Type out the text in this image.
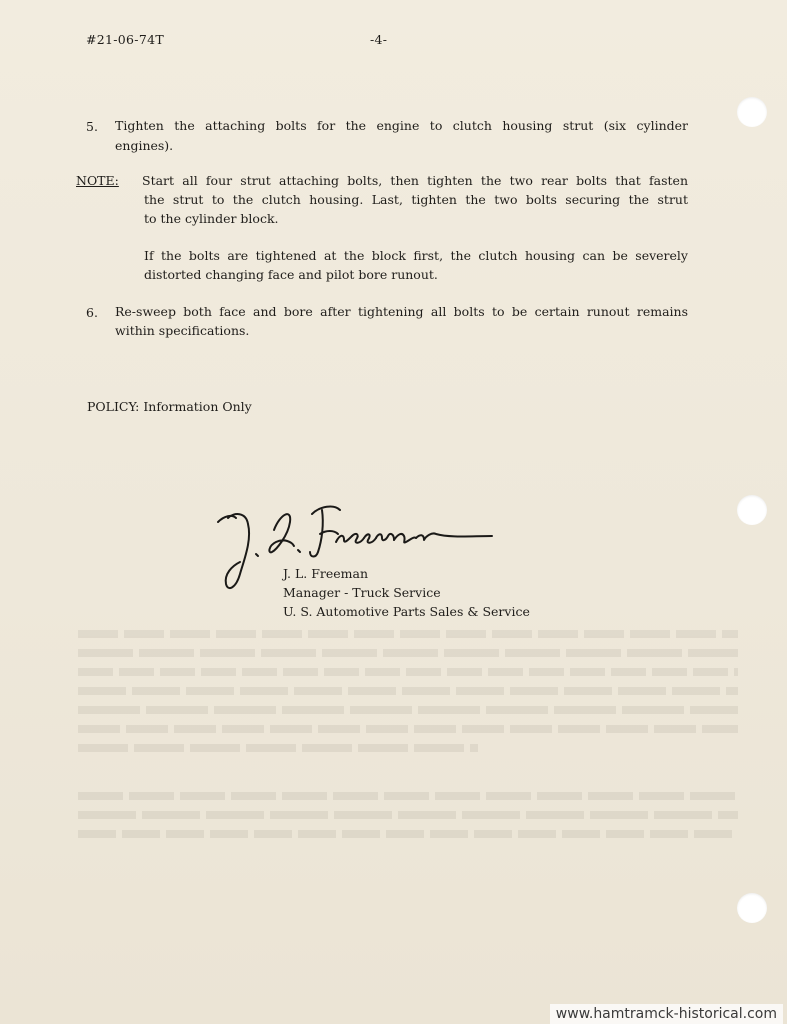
#21-06-74T	-4-
5. Tighten the attaching bolts for the engine to clutch housing strut (six cylinder
engines).
NOTE: Start all four strut attaching bolts, then tighten the two rear bolts that fasten
the strut to the clutch housing. Last, tighten the two bolts securing the strut
to the cylinder block.
If the bolts are tightened at the block first, the clutch housing can be severely
distorted changing face and pilot bore runout.
6. Re-sweep both face and bore after tightening all bolts to be certain runout remains
within specifications.
POLICY: Information Only
J. L. Freeman
Manager - Truck Service
U. S. Automotive Parts Sales & Service
www.hamtramck-historical.com
